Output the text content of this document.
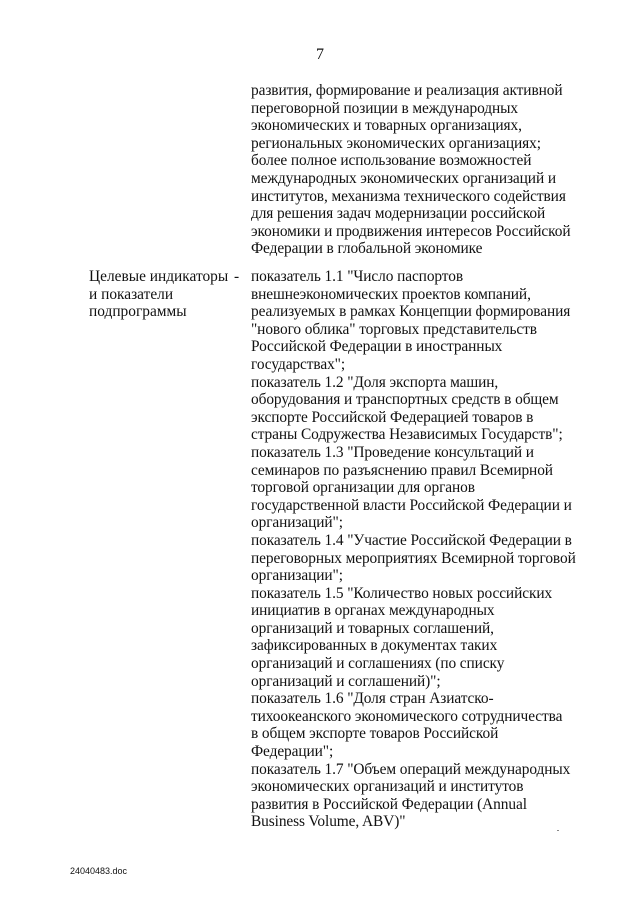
7
развития, формирование и реализация активной
переговорной позиции в международных
экономических и товарных организациях,
региональных экономических организациях;
более полное использование возможностей
международных экономических организаций и
институтов, механизма технического содействия
для решения задач модернизации российской
экономики и продвижения интересов Российской
Федерации в глобальной экономике
Целевые индикаторы
и показатели
подпрограммы
- показатель 1.1 "Число паспортов
внешнеэкономических проектов компаний,
реализуемых в рамках Концепции формирования
"нового облика" торговых представительств
Российской Федерации в иностранных
государствах";
показатель 1.2 "Доля экспорта машин,
оборудования и транспортных средств в общем
экспорте Российской Федерацией товаров в
страны Содружества Независимых Государств";
показатель 1.3 "Проведение консультаций и
семинаров по разъяснению правил Всемирной
торговой организации для органов
государственной власти Российской Федерации и
организаций";
показатель 1.4 "Участие Российской Федерации в
переговорных мероприятиях Всемирной торговой
организации";
показатель 1.5 "Количество новых российских
инициатив в органах международных
организаций и товарных соглашений,
зафиксированных в документах таких
организаций и соглашениях (по списку
организаций и соглашений)";
показатель 1.6 "Доля стран Азиатско-
тихоокеанского экономического сотрудничества
в общем экспорте товаров Российской
Федерации";
показатель 1.7 "Объем операций международных
экономических организаций и институтов
развития в Российской Федерации (Annual
Business Volume, ABV)"
24040483.doc
